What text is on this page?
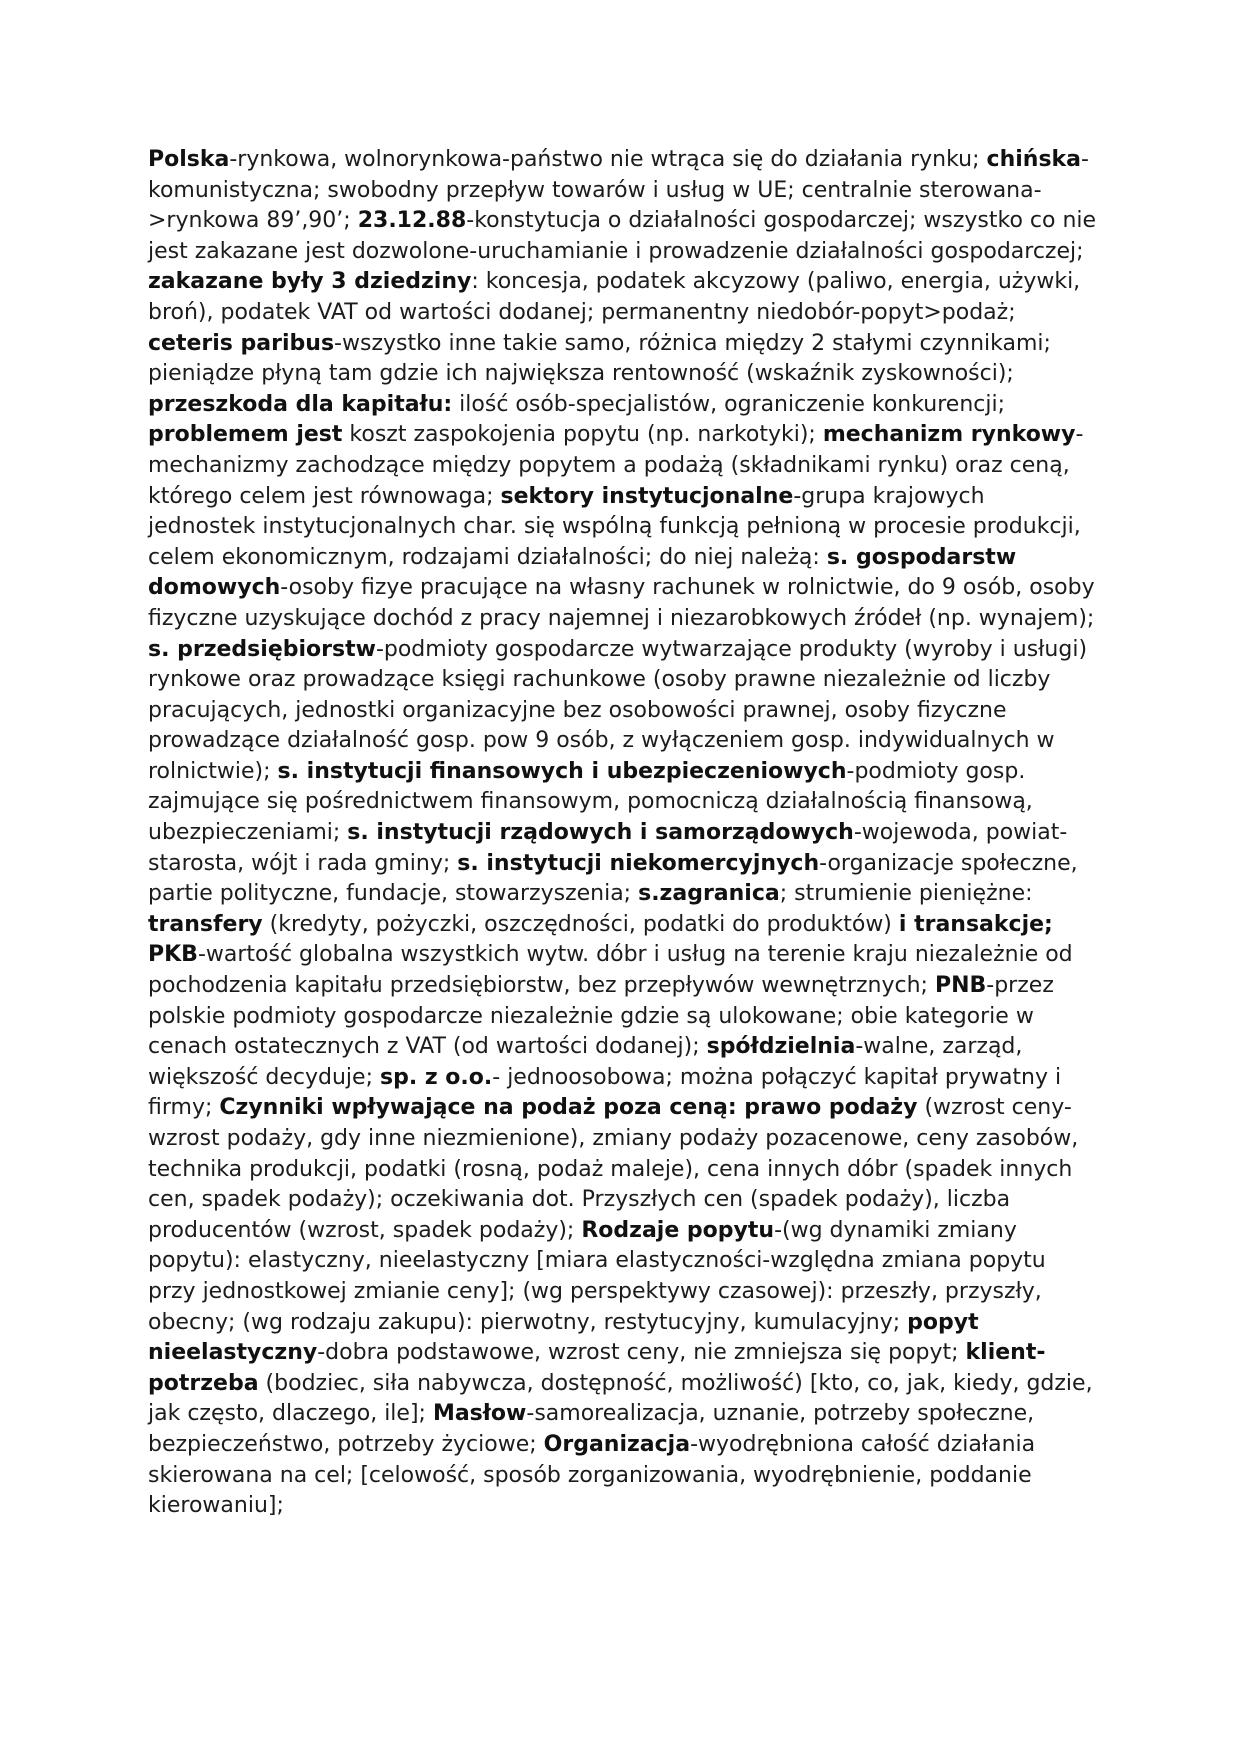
Polska-rynkowa, wolnorynkowa-państwo nie wtrąca się do działania rynku; chińska-komunistyczna; swobodny przepływ towarów i usług w UE; centralnie sterowana->rynkowa 89’,90’; 23.12.88-konstytucja o działalności gospodarczej; wszystko co nie jest zakazane jest dozwolone-uruchamianie i prowadzenie działalności gospodarczej; zakazane były 3 dziedziny: koncesja, podatek akcyzowy (paliwo, energia, używki, broń), podatek VAT od wartości dodanej; permanentny niedobór-popyt>podaż; ceteris paribus-wszystko inne takie samo, różnica między 2 stałymi czynnikami; pieniądze płyną tam gdzie ich największa rentowność (wskaźnik zyskowności); przeszkoda dla kapitału: ilość osób-specjalistów, ograniczenie konkurencji; problemem jest koszt zaspokojenia popytu (np. narkotyki); mechanizm rynkowy-mechanizmy zachodzące między popytem a podażą (składnikami rynku) oraz ceną, którego celem jest równowaga; sektory instytucjonalne-grupa krajowych jednostek instytucjonalnych char. się wspólną funkcją pełnioną w procesie produkcji, celem ekonomicznym, rodzajami działalności; do niej należą: s. gospodarstw domowych-osoby fizye pracujące na własny rachunek w rolnictwie, do 9 osób, osoby fizyczne uzyskujące dochód z pracy najemnej i niezarobkowych źródeł (np. wynajem); s. przedsiębiorstw-podmioty gospodarcze wytwarzające produkty (wyroby i usługi) rynkowe oraz prowadzące księgi rachunkowe (osoby prawne niezależnie od liczby pracujących, jednostki organizacyjne bez osobowości prawnej, osoby fizyczne prowadzące działalność gosp. pow 9 osób, z wyłączeniem gosp. indywidualnych w rolnictwie); s. instytucji finansowych i ubezpieczeniowych-podmioty gosp. zajmujące się pośrednictwem finansowym, pomocniczą działalnością finansową, ubezpieczeniami; s. instytucji rządowych i samorządowych-wojewoda, powiat-starosta, wójt i rada gminy; s. instytucji niekomercyjnych-organizacje społeczne, partie polityczne, fundacje, stowarzyszenia; s.zagranica; strumienie pieniężne: transfery (kredyty, pożyczki, oszczędności, podatki do produktów) i transakcje; PKB-wartość globalna wszystkich wytw. dóbr i usług na terenie kraju niezależnie od pochodzenia kapitału przedsiębiorstw, bez przepływów wewnętrznych; PNB-przez polskie podmioty gospodarcze niezależnie gdzie są ulokowane; obie kategorie w cenach ostatecznych z VAT (od wartości dodanej); spółdzielnia-walne, zarząd, większość decyduje; sp. z o.o.- jednoosobowa; można połączyć kapitał prywatny i firmy; Czynniki wpływające na podaż poza ceną: prawo podaży (wzrost ceny-wzrost podaży, gdy inne niezmienione), zmiany podaży pozacenowe, ceny zasobów, technika produkcji, podatki (rosną, podaż maleje), cena innych dóbr (spadek innych cen, spadek podaży); oczekiwania dot. Przyszłych cen (spadek podaży), liczba producentów (wzrost, spadek podaży); Rodzaje popytu-(wg dynamiki zmiany popytu): elastyczny, nieelastyczny [miara elastyczności-względna zmiana popytu przy jednostkowej zmianie ceny]; (wg perspektywy czasowej): przeszły, przyszły, obecny; (wg rodzaju zakupu): pierwotny, restytucyjny, kumulacyjny; popyt nieelastyczny-dobra podstawowe, wzrost ceny, nie zmniejsza się popyt; klient-potrzeba (bodziec, siła nabywcza, dostępność, możliwość) [kto, co, jak, kiedy, gdzie, jak często, dlaczego, ile]; Masłow-samorealizacja, uznanie, potrzeby społeczne, bezpieczeństwo, potrzeby życiowe; Organizacja-wyodrębniona całość działania skierowana na cel; [celowość, sposób zorganizowania, wyodrębnienie, poddanie kierowaniu];
